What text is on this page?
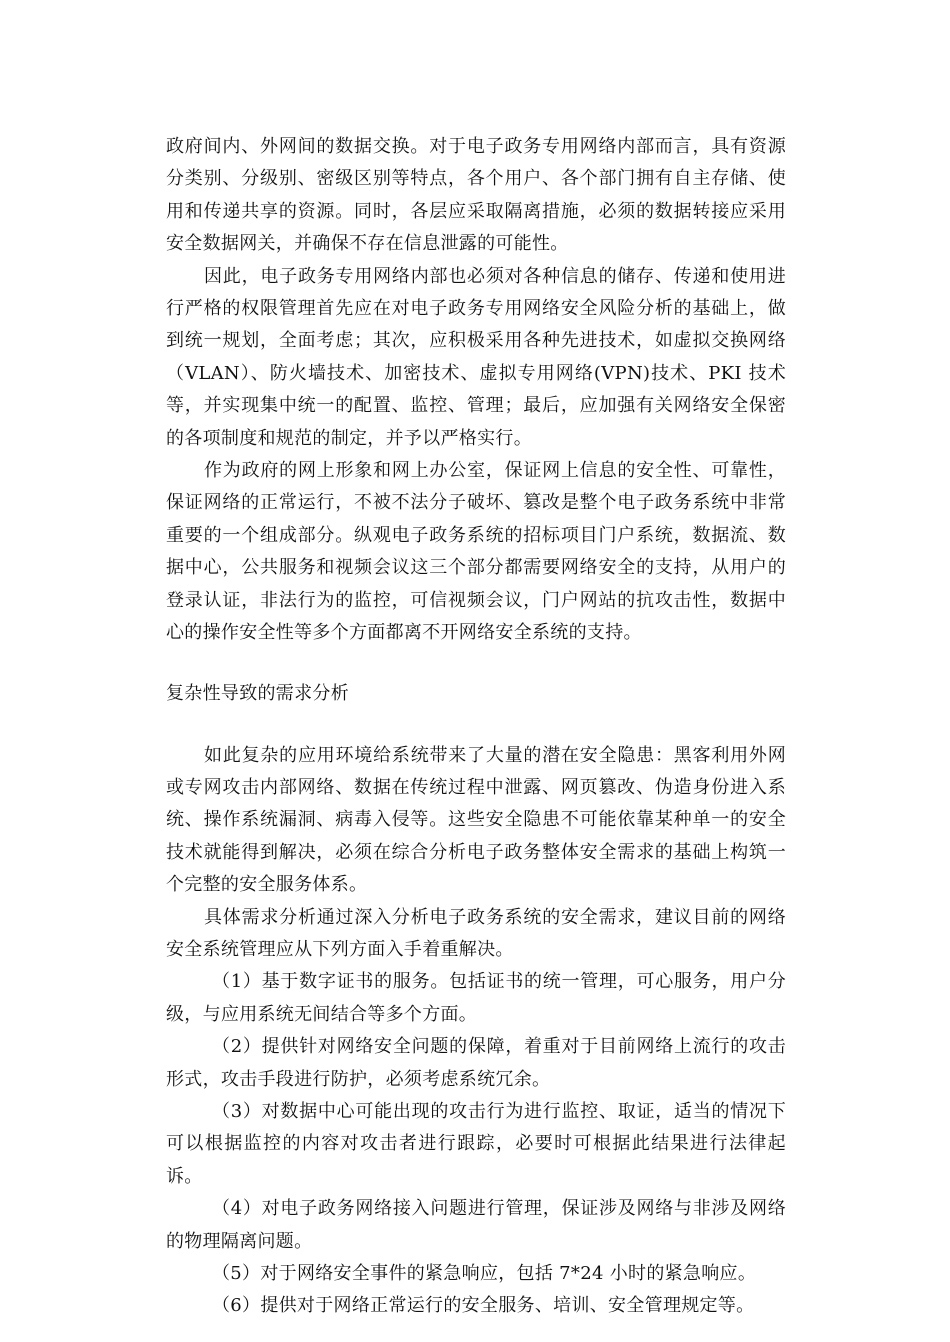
政府间内、外网间的数据交换。对于电子政务专用网络内部而言，具有资源分类别、分级别、密级区别等特点，各个用户、各个部门拥有自主存储、使用和传递共享的资源。同时，各层应采取隔离措施，必须的数据转接应采用安全数据网关，并确保不存在信息泄露的可能性。

因此，电子政务专用网络内部也必须对各种信息的储存、传递和使用进行严格的权限管理首先应在对电子政务专用网络安全风险分析的基础上，做到统一规划，全面考虑；其次，应积极采用各种先进技术，如虚拟交换网络（VLAN）、防火墙技术、加密技术、虚拟专用网络(VPN)技术、PKI 技术等，并实现集中统一的配置、监控、管理；最后，应加强有关网络安全保密的各项制度和规范的制定，并予以严格实行。

作为政府的网上形象和网上办公室，保证网上信息的安全性、可靠性，保证网络的正常运行，不被不法分子破坏、篡改是整个电子政务系统中非常重要的一个组成部分。纵观电子政务系统的招标项目门户系统，数据流、数据中心，公共服务和视频会议这三个部分都需要网络安全的支持，从用户的登录认证，非法行为的监控，可信视频会议，门户网站的抗攻击性，数据中心的操作安全性等多个方面都离不开网络安全系统的支持。

复杂性导致的需求分析

如此复杂的应用环境给系统带来了大量的潜在安全隐患：黑客利用外网或专网攻击内部网络、数据在传统过程中泄露、网页篡改、伪造身份进入系统、操作系统漏洞、病毒入侵等。这些安全隐患不可能依靠某种单一的安全技术就能得到解决，必须在综合分析电子政务整体安全需求的基础上构筑一个完整的安全服务体系。

具体需求分析通过深入分析电子政务系统的安全需求，建议目前的网络安全系统管理应从下列方面入手着重解决。

（1）基于数字证书的服务。包括证书的统一管理，可心服务，用户分级，与应用系统无间结合等多个方面。

（2）提供针对网络安全问题的保障，着重对于目前网络上流行的攻击形式，攻击手段进行防护，必须考虑系统冗余。

（3）对数据中心可能出现的攻击行为进行监控、取证，适当的情况下可以根据监控的内容对攻击者进行跟踪，必要时可根据此结果进行法律起诉。

（4）对电子政务网络接入问题进行管理，保证涉及网络与非涉及网络的物理隔离问题。

（5）对于网络安全事件的紧急响应，包括 7*24 小时的紧急响应。

（6）提供对于网络正常运行的安全服务、培训、安全管理规定等。
